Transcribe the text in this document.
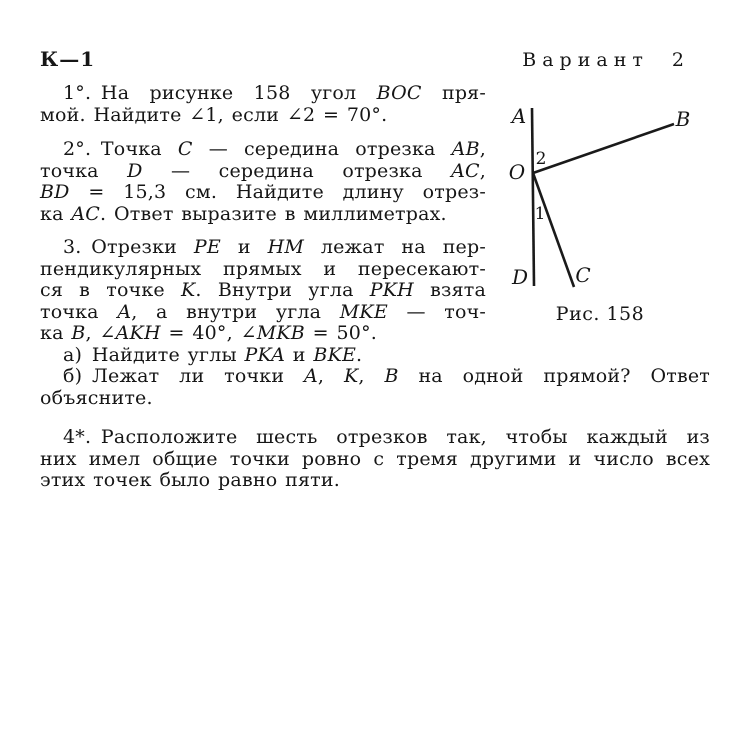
К—1	Вариант 2
1°. На рисунке 158 угол BOC пря-
мой. Найдите ∠1, если ∠2 = 70°.
2°. Точка C — середина отрезка AB,
точка D — середина отрезка AC,
BD = 15,3 см. Найдите длину отрез-
ка AC. Ответ выразите в миллиметрах.
3. Отрезки PE и HM лежат на пер-
пендикулярных прямых и пересекают-
ся в точке K. Внутри угла PKH взята
точка A, а внутри угла MKE — точ-
ка B, ∠AKH = 40°, ∠MKB = 50°.
а) Найдите углы PKA и BKE.
б) Лежат ли точки A, K, B на одной прямой? Ответ
объясните.
4*. Расположите шесть отрезков так, чтобы каждый из
них имел общие точки ровно с тремя другими и число всех
этих точек было равно пяти.
A	B
O
D C
2
1
Рис. 158
